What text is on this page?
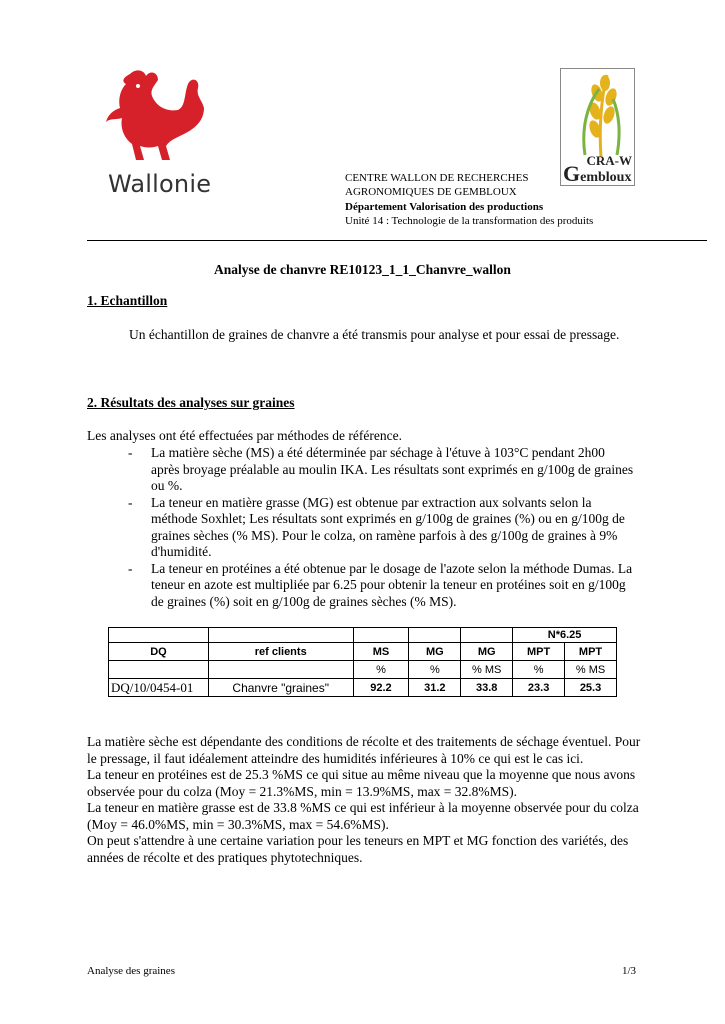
Wallonie
CRA-W
Gembloux
CENTRE WALLON DE RECHERCHES
AGRONOMIQUES DE GEMBLOUX
Département Valorisation des productions
Unité 14 : Technologie de la transformation des produits
Analyse de chanvre RE10123_1_1_Chanvre_wallon
1. Echantillon
Un échantillon de graines de chanvre a été transmis pour analyse et pour essai de pressage.
2. Résultats des analyses sur graines
Les analyses ont été effectuées par méthodes de référence.
- La matière sèche (MS) a été déterminée par séchage à l'étuve à 103°C pendant 2h00 après broyage préalable au moulin IKA. Les résultats sont exprimés en g/100g de graines ou %.
- La teneur en matière grasse (MG) est obtenue par extraction aux solvants selon la méthode Soxhlet; Les résultats sont exprimés en g/100g de graines (%) ou en g/100g de graines sèches (% MS). Pour le colza, on ramène parfois à des g/100g de graines à 9% d'humidité.
- La teneur en protéines a été obtenue par le dosage de l'azote selon la méthode Dumas. La teneur en azote est multipliée par 6.25 pour obtenir la teneur en protéines soit en g/100g de graines (%) soit en g/100g de graines sèches (% MS).
					N*6.25	
DQ	ref clients	MS	MG	MG	MPT	MPT
		%	%	% MS	%	% MS
DQ/10/0454-01	Chanvre "graines"	92.2	31.2	33.8	23.3	25.3
La matière sèche est dépendante des conditions de récolte et des traitements de séchage éventuel. Pour le pressage, il faut idéalement atteindre des humidités inférieures à 10% ce qui est le cas ici.
La teneur en protéines est de 25.3 %MS ce qui situe au même niveau que la moyenne que nous avons observée pour du colza (Moy = 21.3%MS, min = 13.9%MS, max = 32.8%MS).
La teneur en matière grasse est de 33.8 %MS ce qui est inférieur à la moyenne observée pour du colza (Moy = 46.0%MS, min = 30.3%MS, max = 54.6%MS).
On peut s'attendre à une certaine variation pour les teneurs en MPT et MG fonction des variétés, des années de récolte et des pratiques phytotechniques.
Analyse des graines	1/3
